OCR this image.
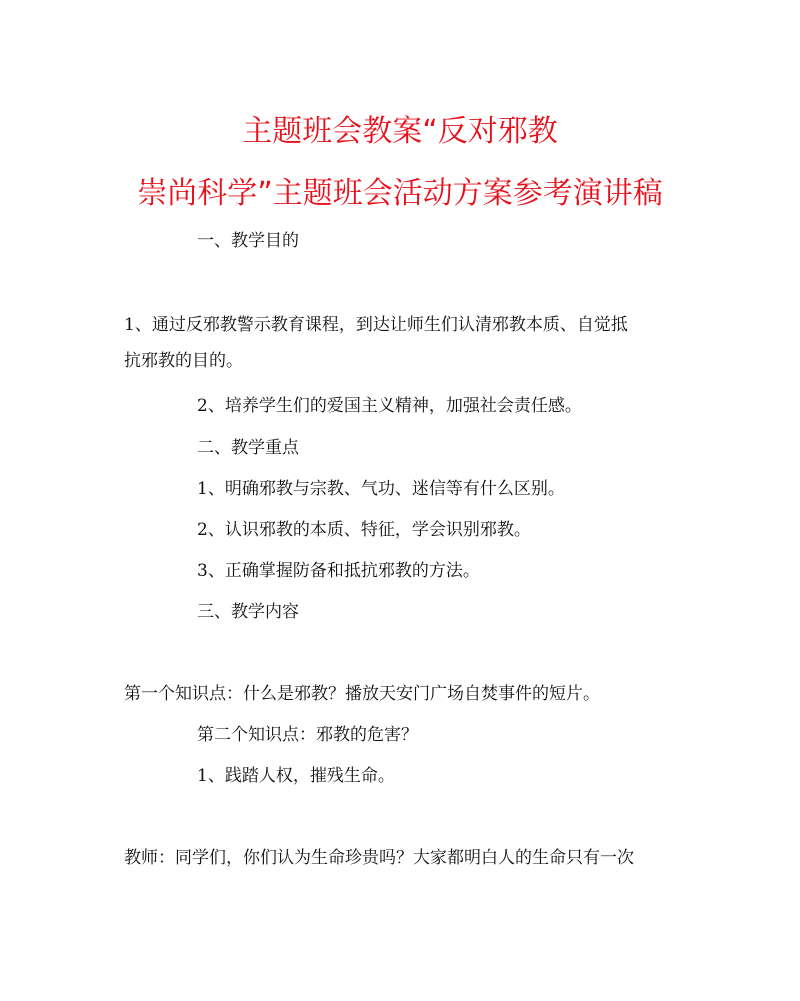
主题班会教案“反对邪教
崇尚科学”主题班会活动方案参考演讲稿
一、教学目的
1、通过反邪教警示教育课程，到达让师生们认清邪教本质、自觉抵
抗邪教的目的。
2、培养学生们的爱国主义精神，加强社会责任感。
二、教学重点
1、明确邪教与宗教、气功、迷信等有什么区别。
2、认识邪教的本质、特征，学会识别邪教。
3、正确掌握防备和抵抗邪教的方法。
三、教学内容
第一个知识点：什么是邪教？播放天安门广场自焚事件的短片。
第二个知识点：邪教的危害？
1、践踏人权，摧残生命。
教师：同学们，你们认为生命珍贵吗？大家都明白人的生命只有一次
